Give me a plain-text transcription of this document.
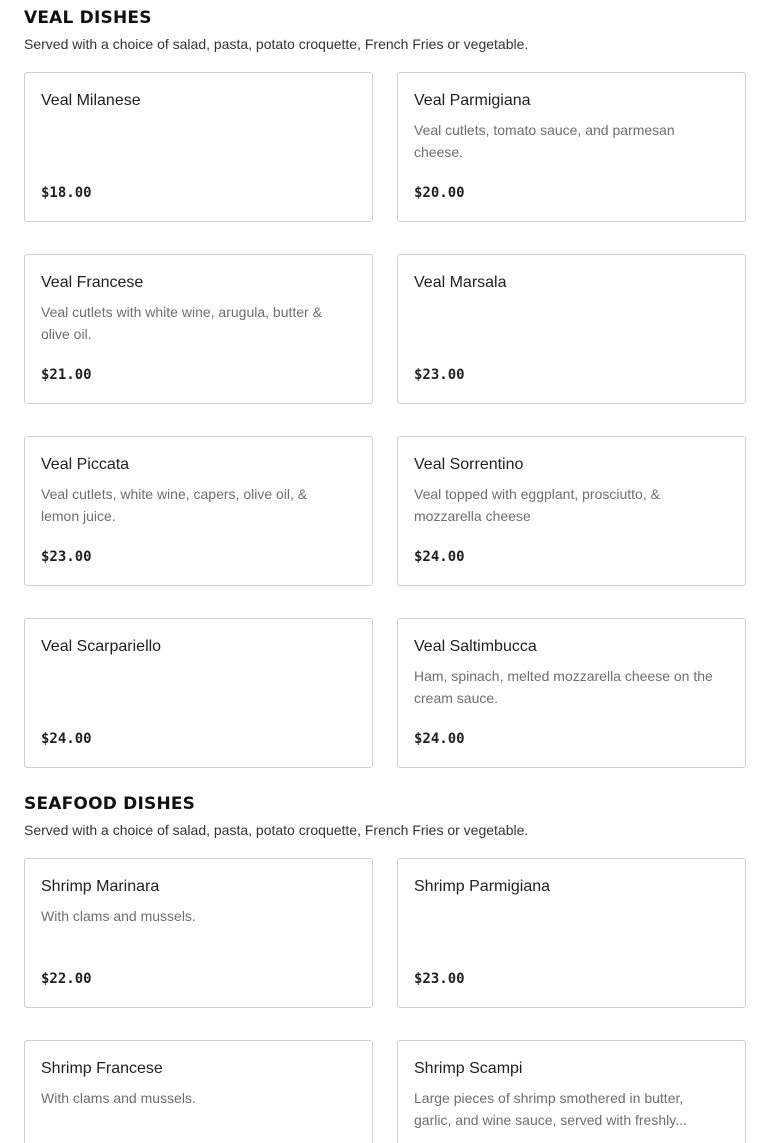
VEAL DISHES

Served with a choice of salad, pasta, potato croquette, French Fries or vegetable.

Veal Milanese
$18.00
Veal Parmigiana
Veal cutlets, tomato sauce, and parmesan cheese.
$20.00
Veal Francese
Veal cutlets with white wine, arugula, butter & olive oil.
$21.00
Veal Marsala
$23.00
Veal Piccata
Veal cutlets, white wine, capers, olive oil, & lemon juice.
$23.00
Veal Sorrentino
Veal topped with eggplant, prosciutto, & mozzarella cheese
$24.00
Veal Scarpariello
$24.00
Veal Saltimbucca
Ham, spinach, melted mozzarella cheese on the cream sauce.
$24.00
SEAFOOD DISHES

Served with a choice of salad, pasta, potato croquette, French Fries or vegetable.

Shrimp Marinara
With clams and mussels.
$22.00
Shrimp Parmigiana
$23.00
Shrimp Francese
With clams and mussels.
Shrimp Scampi
Large pieces of shrimp smothered in butter, garlic, and wine sauce, served with freshly...
